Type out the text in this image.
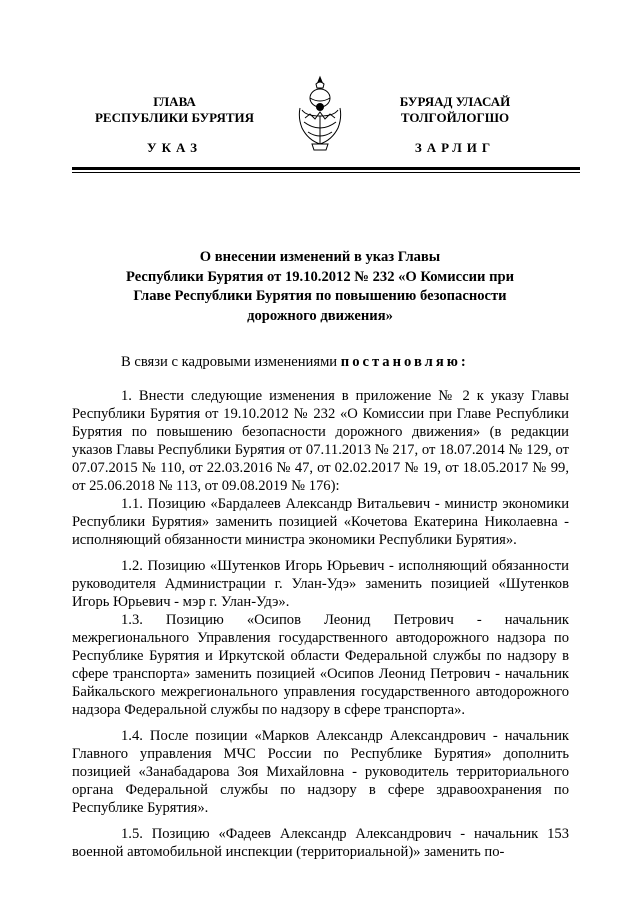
ГЛАВА
РЕСПУБЛИКИ БУРЯТИЯ
БУРЯАД УЛАСАЙ
ТОЛГОЙЛОГШО
УКАЗ	ЗАРЛИГ
О внесении изменений в указ Главы
Республики Бурятия от 19.10.2012 № 232 «О Комиссии при
Главе Республики Бурятия по повышению безопасности
дорожного движения»
В связи с кадровыми изменениями постановляю:

1. Внести следующие изменения в приложение № 2 к указу Главы Республики Бурятия от 19.10.2012 № 232 «О Комиссии при Главе Республики Бурятия по повышению безопасности дорожного движения» (в редакции указов Главы Республики Бурятия от 07.11.2013 № 217, от 18.07.2014 № 129, от 07.07.2015 № 110, от 22.03.2016 № 47, от 02.02.2017 № 19, от 18.05.2017 № 99, от 25.06.2018 № 113, от 09.08.2019 № 176):

1.1. Позицию «Бардалеев Александр Витальевич - министр экономики Республики Бурятия» заменить позицией «Кочетова Екатерина Николаевна - исполняющий обязанности министра экономики Республики Бурятия».

1.2. Позицию «Шутенков Игорь Юрьевич - исполняющий обязанности руководителя Администрации г. Улан-Удэ» заменить позицией «Шутенков Игорь Юрьевич - мэр г. Улан-Удэ».

1.3. Позицию «Осипов Леонид Петрович - начальник межрегионального Управления государственного автодорожного надзора по Республике Бурятия и Иркутской области Федеральной службы по надзору в сфере транспорта» заменить позицией «Осипов Леонид Петрович - начальник Байкальского межрегионального управления государственного автодорожного надзора Федеральной службы по надзору в сфере транспорта».

1.4. После позиции «Марков Александр Александрович - начальник Главного управления МЧС России по Республике Бурятия» дополнить позицией «Занабадарова Зоя Михайловна - руководитель территориального органа Федеральной службы по надзору в сфере здравоохранения по Республике Бурятия».

1.5. Позицию «Фадеев Александр Александрович - начальник 153 военной автомобильной инспекции (территориальной)» заменить по-
